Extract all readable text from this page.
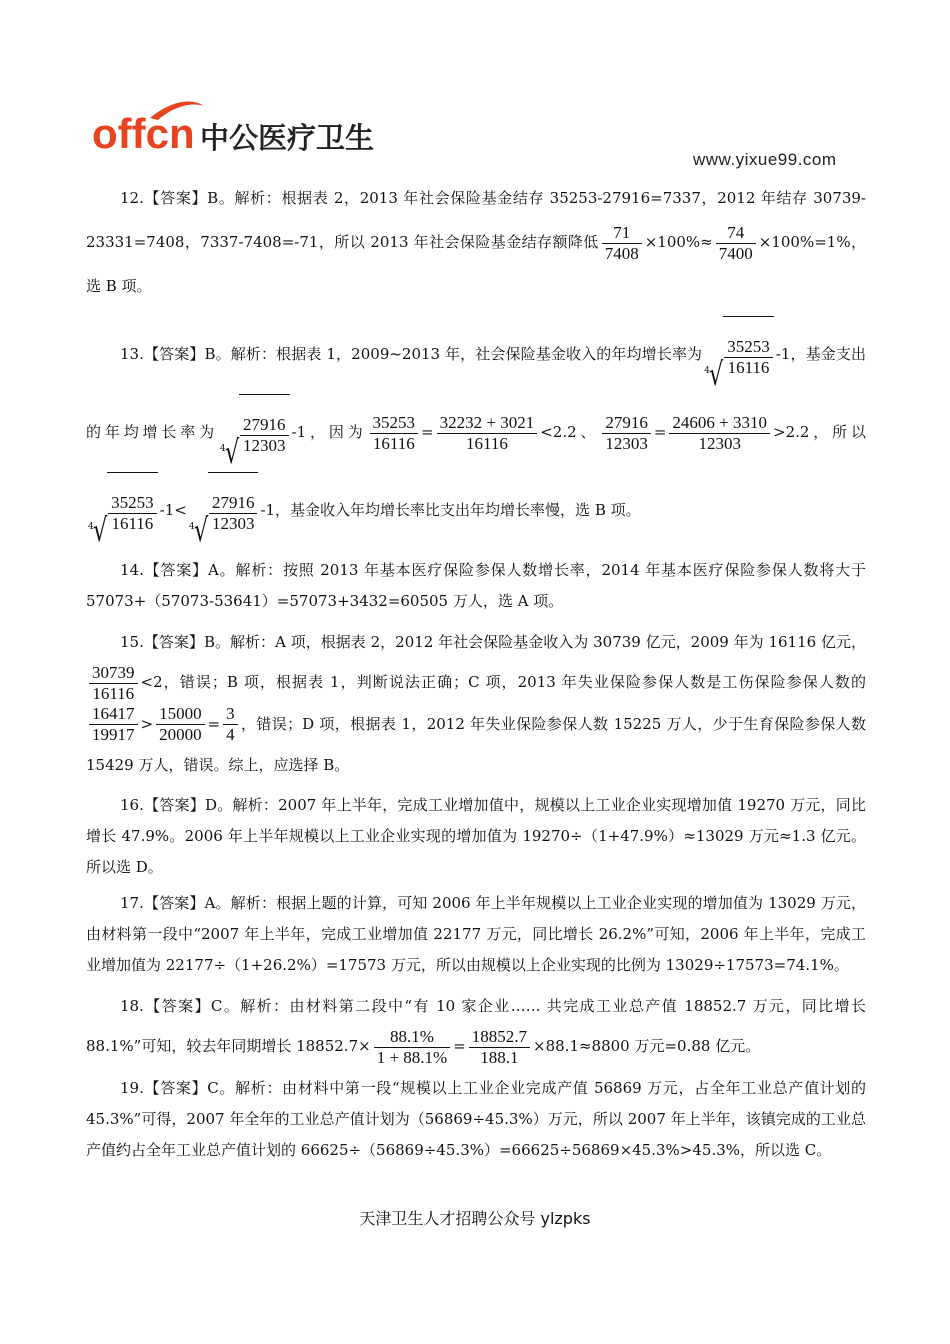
offcn 中公医疗卫生
www.yixue99.com

12.【答案】B。解析：根据表 2，2013 年社会保险基金结存 35253-27916=7337，2012 年结存 30739-23331=7408，7337-7408=-71，所以 2013 年社会保险基金结存额降低 $\frac{71}{7408} \times 100\%\approx \frac{74}{7400} \times 100\%=1\%$，选 B 项。

13.【答案】B。解析：根据表 1，2009~2013 年，社会保险基金收入的年均增长率为
4 √ $\frac{35253}{16116} -1$，基金支出的年均增长率为
4 √ $\frac{27916}{12303} -1$，因为 $\frac{35253}{16116} = \frac{32232 + 3021}{16116} <2.2$、 $\frac{27916}{12303} = \frac{24606 + 3310}{12303} >2.2$，所以
4 √ $\frac{35253}{16116} -1<$
4 √ $\frac{27916}{12303} -1$，基金收入年均增长率比支出年均增长率慢，选 B 项。

14.【答案】A。解析：按照 2013 年基本医疗保险参保人数增长率，2014 年基本医疗保险参保人数将大于 57073+（57073-53641）=57073+3432=60505 万人，选 A 项。

15.【答案】B。解析：A 项，根据表 2，2012 年社会保险基金收入为 30739 亿元，2009 年为 16116 亿元，
$\frac{30739}{16116} <2$，错误；B 项，根据表 1，判断说法正确；C 项，2013 年失业保险参保人数是工伤保险参保人数的
$\frac{16417}{19917} > \frac{15000}{20000} = \frac{3}{4}$ ，错误；D 项，根据表 1，2012 年失业保险参保人数 15225 万人，少于生育保险参保人数 15429 万人，错误。综上，应选择 B。

16.【答案】D。解析：2007 年上半年，完成工业增加值中，规模以上工业企业实现增加值 19270 万元，同比增长 47.9%。2006 年上半年规模以上工业企业实现的增加值为 19270÷（1+47.9%）≈13029 万元≈1.3 亿元。所以选 D。

17.【答案】A。解析：根据上题的计算，可知 2006 年上半年规模以上工业企业实现的增加值为 13029 万元，由材料第一段中“2007 年上半年，完成工业增加值 22177 万元，同比增长 26.2%”可知，2006 年上半年，完成工业增加值为 22177÷（1+26.2%）=17573 万元，所以由规模以上企业实现的比例为 13029÷17573=74.1%。

18.【答案】C。解析：由材料第二段中“有 10 家企业…… 共完成工业总产值 18852.7 万元，同比增长 88.1%”可知，较去年同期增长 $18852.7\times \frac{88.1\%}{1 + 88.1\%} = \frac{18852.7}{188.1} \times 88.1\approx 8800$ 万元=0.88 亿元。

19.【答案】C。解析：由材料中第一段“规模以上工业企业完成产值 56869 万元，占全年工业总产值计划的 45.3%”可得，2007 年全年的工业总产值计划为（56869÷45.3%）万元，所以 2007 年上半年，该镇完成的工业总产值约占全年工业总产值计划的 66625÷（56869÷45.3%）=66625÷56869×45.3%>45.3%，所以选 C。

天津卫生人才招聘公众号 ylzpks
